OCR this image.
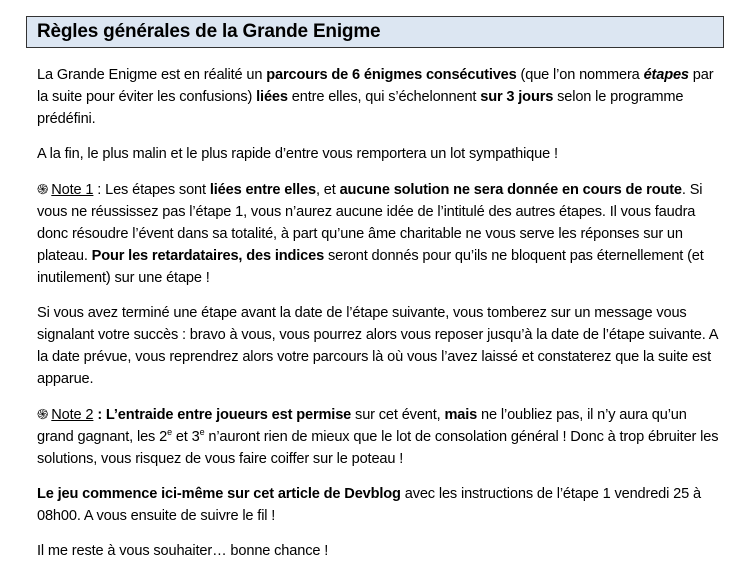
Règles générales de la Grande Enigme

La Grande Enigme est en réalité un parcours de 6 énigmes consécutives (que l’on nommera étapes par la suite pour éviter les confusions) liées entre elles, qui s’échelonnent sur 3 jours selon le programme prédéfini.

A la fin, le plus malin et le plus rapide d’entre vous remportera un lot sympathique !

֍ Note 1 : Les étapes sont liées entre elles, et aucune solution ne sera donnée en cours de route. Si vous ne réussissez pas l’étape 1, vous n’aurez aucune idée de l’intitulé des autres étapes. Il vous faudra donc résoudre l’évent dans sa totalité, à part qu’une âme charitable ne vous serve les réponses sur un plateau. Pour les retardataires, des indices seront donnés pour qu’ils ne bloquent pas éternellement (et inutilement) sur une étape !

Si vous avez terminé une étape avant la date de l’étape suivante, vous tomberez sur un message vous signalant votre succès : bravo à vous, vous pourrez alors vous reposer jusqu’à la date de l’étape suivante. A la date prévue, vous reprendrez alors votre parcours là où vous l’avez laissé et constaterez que la suite est apparue.

֍ Note 2 : L’entraide entre joueurs est permise sur cet évent, mais ne l’oubliez pas, il n’y aura qu’un grand gagnant, les 2e et 3e n’auront rien de mieux que le lot de consolation général ! Donc à trop ébruiter les solutions, vous risquez de vous faire coiffer sur le poteau !

Le jeu commence ici-même sur cet article de Devblog avec les instructions de l’étape 1 vendredi 25 à 08h00. A vous ensuite de suivre le fil !

Il me reste à vous souhaiter… bonne chance !
